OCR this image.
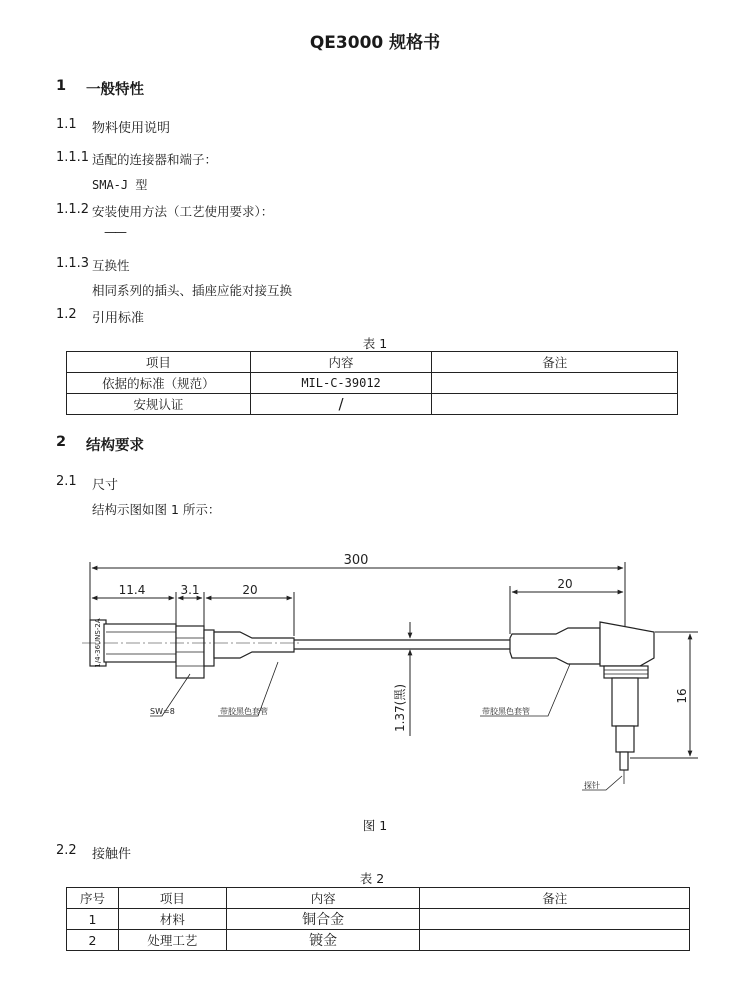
QE3000 规格书
1 一般特性
1.1 物料使用说明
1.1.1 适配的连接器和端子：
SMA-J 型
1.1.2 安装使用方法（工艺使用要求）：
——
1.1.3 互换性
相同系列的插头、插座应能对接互换
1.2 引用标准
表 1
项目	内容	备注
依据的标准（规范）	MIL-C-39012	
安规认证	/	
2 结构要求
2.1 尺寸
结构示图如图 1 所示：
300
11.4	3.1	20	20
1.37(黑)	16
1/4-36UNS-2A
SW=8	带胶黑色套管	带胶黑色套管
探针
图 1
2.2 接触件
表 2
序号	项目	内容	备注
1	材料	铜合金	
2	处理工艺	镀金	
